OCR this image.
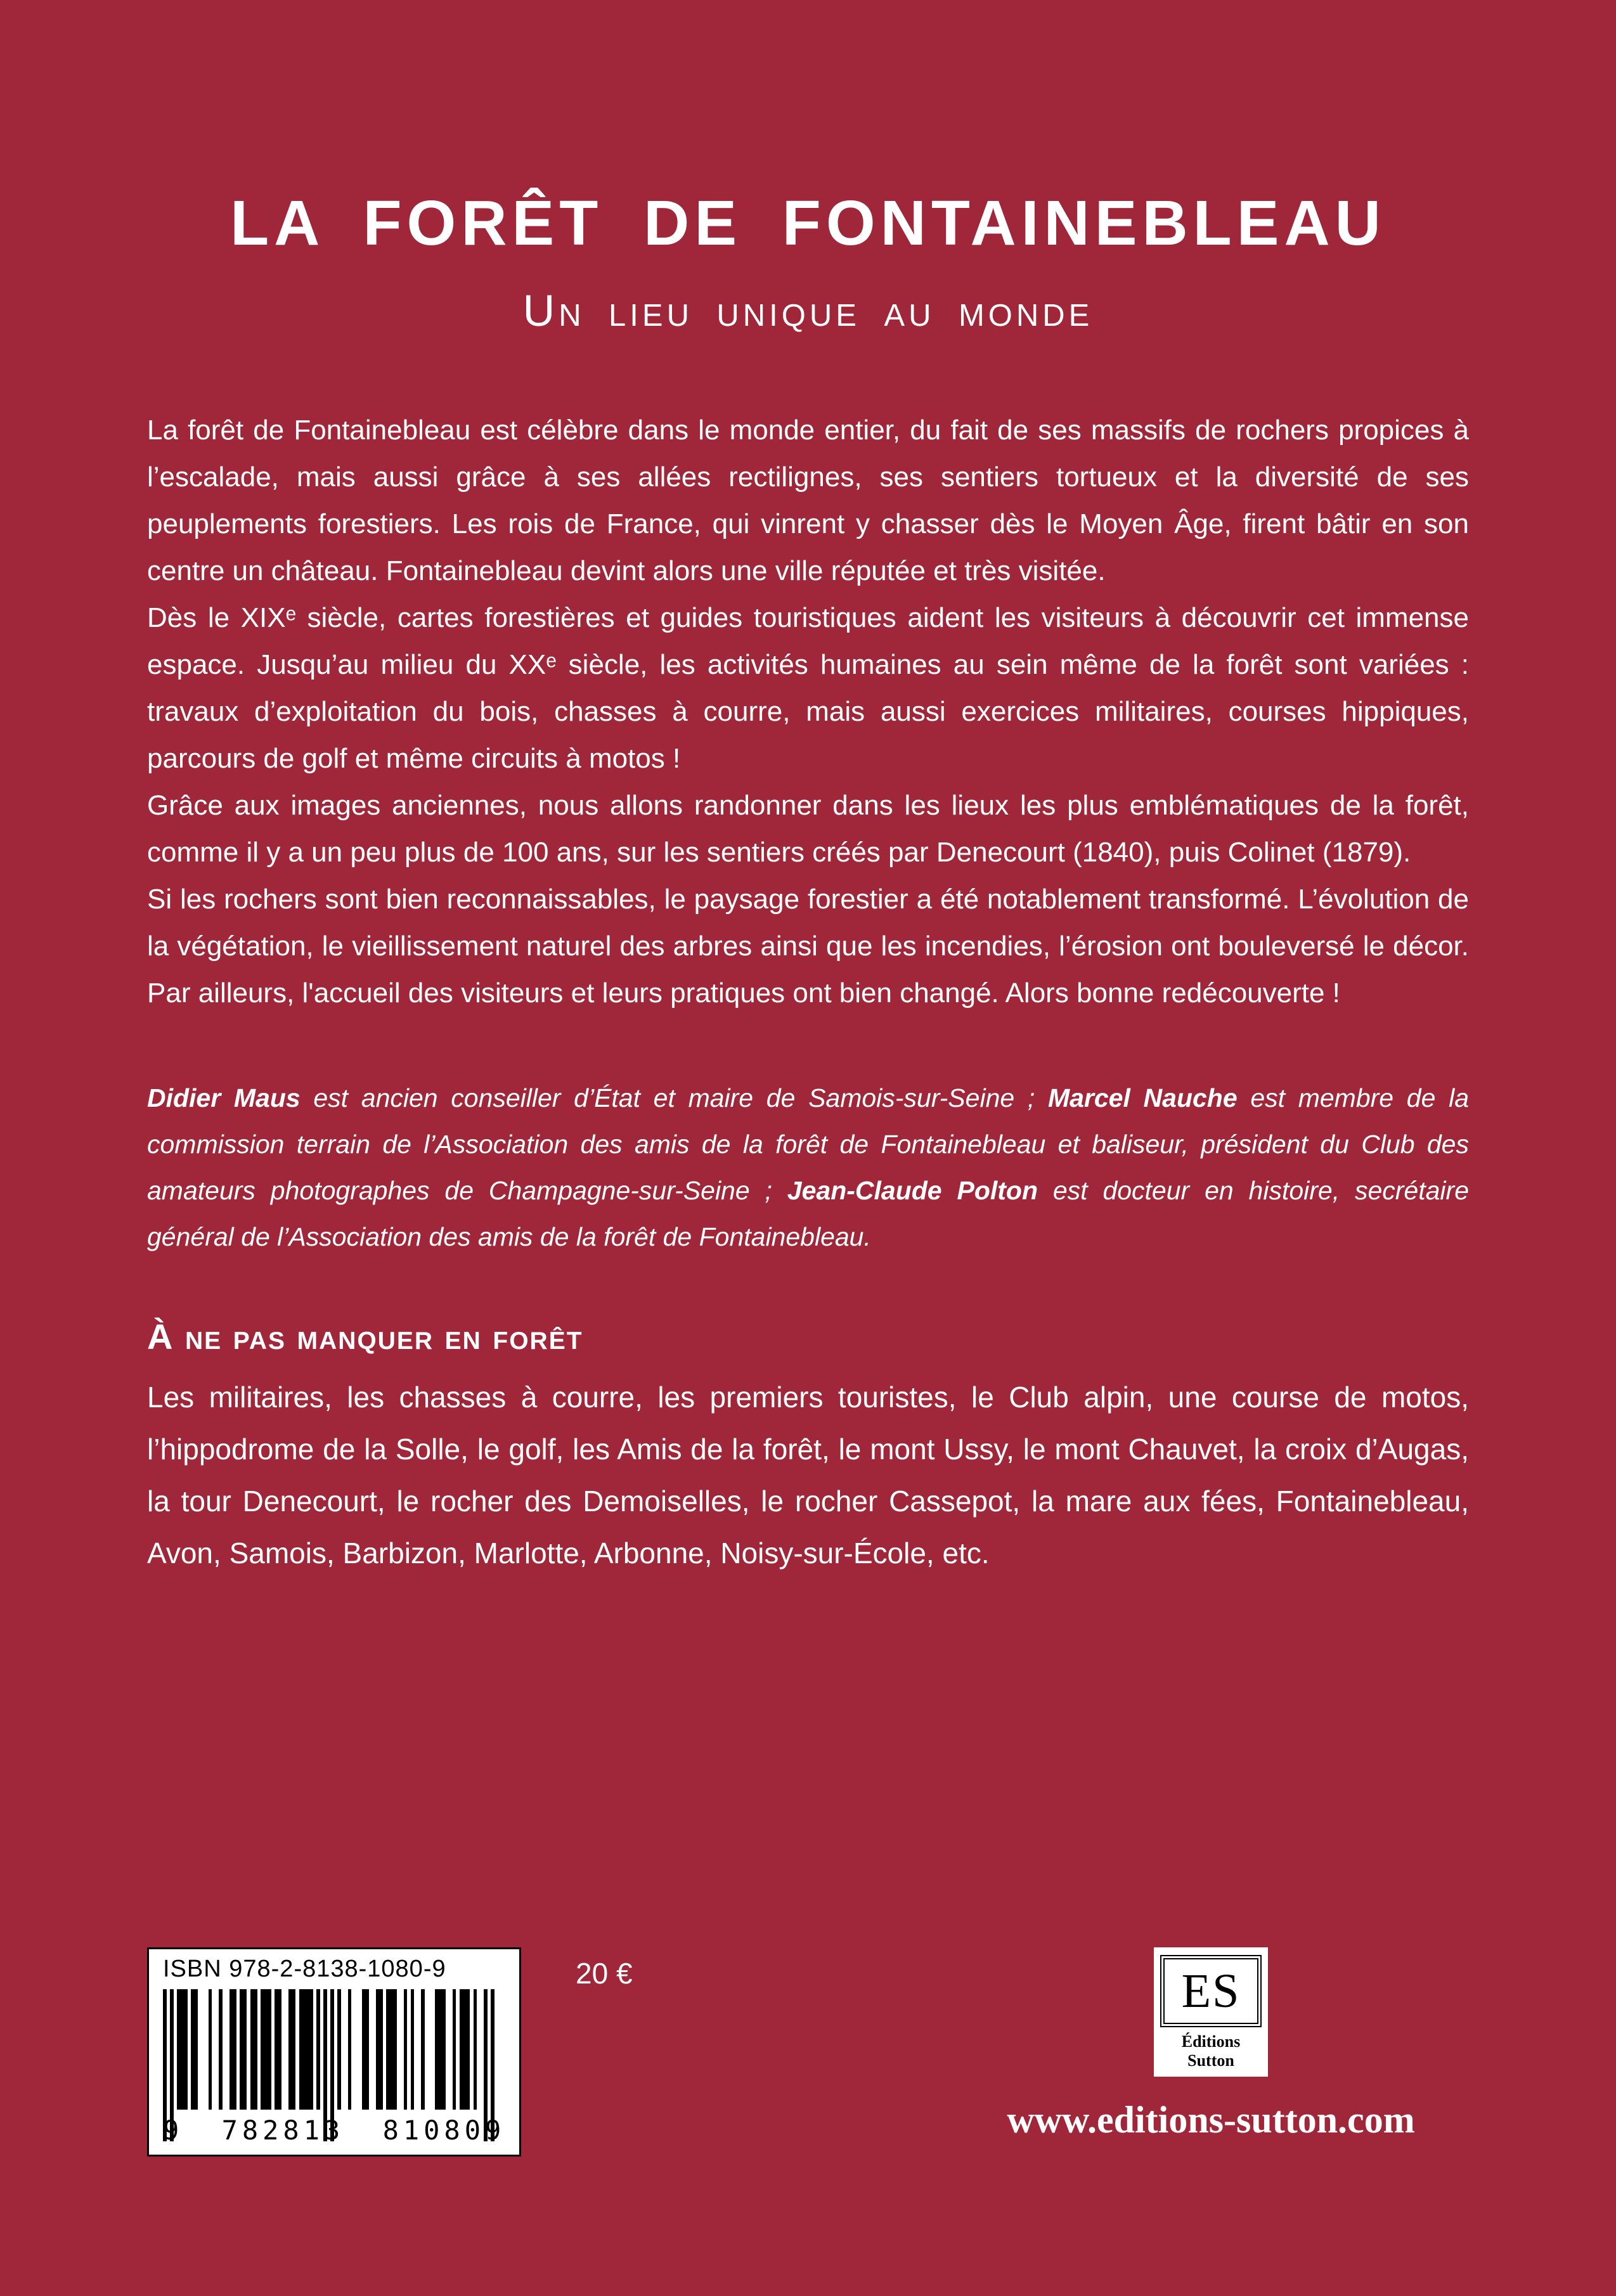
LA FORÊT DE FONTAINEBLEAU
Un lieu unique au monde

La forêt de Fontainebleau est célèbre dans le monde entier, du fait de ses massifs de rochers propices à l’escalade, mais aussi grâce à ses allées rectilignes, ses sentiers tortueux et la diversité de ses peuplements forestiers. Les rois de France, qui vinrent y chasser dès le Moyen Âge, firent bâtir en son centre un château. Fontainebleau devint alors une ville réputée et très visitée.

Dès le XIXᵉ siècle, cartes forestières et guides touristiques aident les visiteurs à découvrir cet immense espace. Jusqu’au milieu du XXᵉ siècle, les activités humaines au sein même de la forêt sont variées : travaux d’exploitation du bois, chasses à courre, mais aussi exercices militaires, courses hippiques, parcours de golf et même circuits à motos !

Grâce aux images anciennes, nous allons randonner dans les lieux les plus emblématiques de la forêt, comme il y a un peu plus de 100 ans, sur les sentiers créés par Denecourt (1840), puis Colinet (1879).

Si les rochers sont bien reconnaissables, le paysage forestier a été notablement transformé. L’évolution de la végétation, le vieillissement naturel des arbres ainsi que les incendies, l’érosion ont bouleversé le décor. Par ailleurs, l'accueil des visiteurs et leurs pratiques ont bien changé. Alors bonne redécouverte !

Didier Maus est ancien conseiller d’État et maire de Samois-sur-Seine ; Marcel Nauche est membre de la commission terrain de l’Association des amis de la forêt de Fontainebleau et baliseur, président du Club des amateurs photographes de Champagne-sur-Seine ; Jean-Claude Polton est docteur en histoire, secrétaire général de l’Association des amis de la forêt de Fontainebleau.

À ne pas manquer en forêt

Les militaires, les chasses à courre, les premiers touristes, le Club alpin, une course de motos, l’hippodrome de la Solle, le golf, les Amis de la forêt, le mont Ussy, le mont Chauvet, la croix d’Augas, la tour Denecourt, le rocher des Demoiselles, le rocher Cassepot, la mare aux fées, Fontainebleau, Avon, Samois, Barbizon, Marlotte, Arbonne, Noisy-sur-École, etc.

ISBN 978-2-8138-1080-9
9 782813 810809
20 €	ES
Éditions
Sutton
www.editions-sutton.com
